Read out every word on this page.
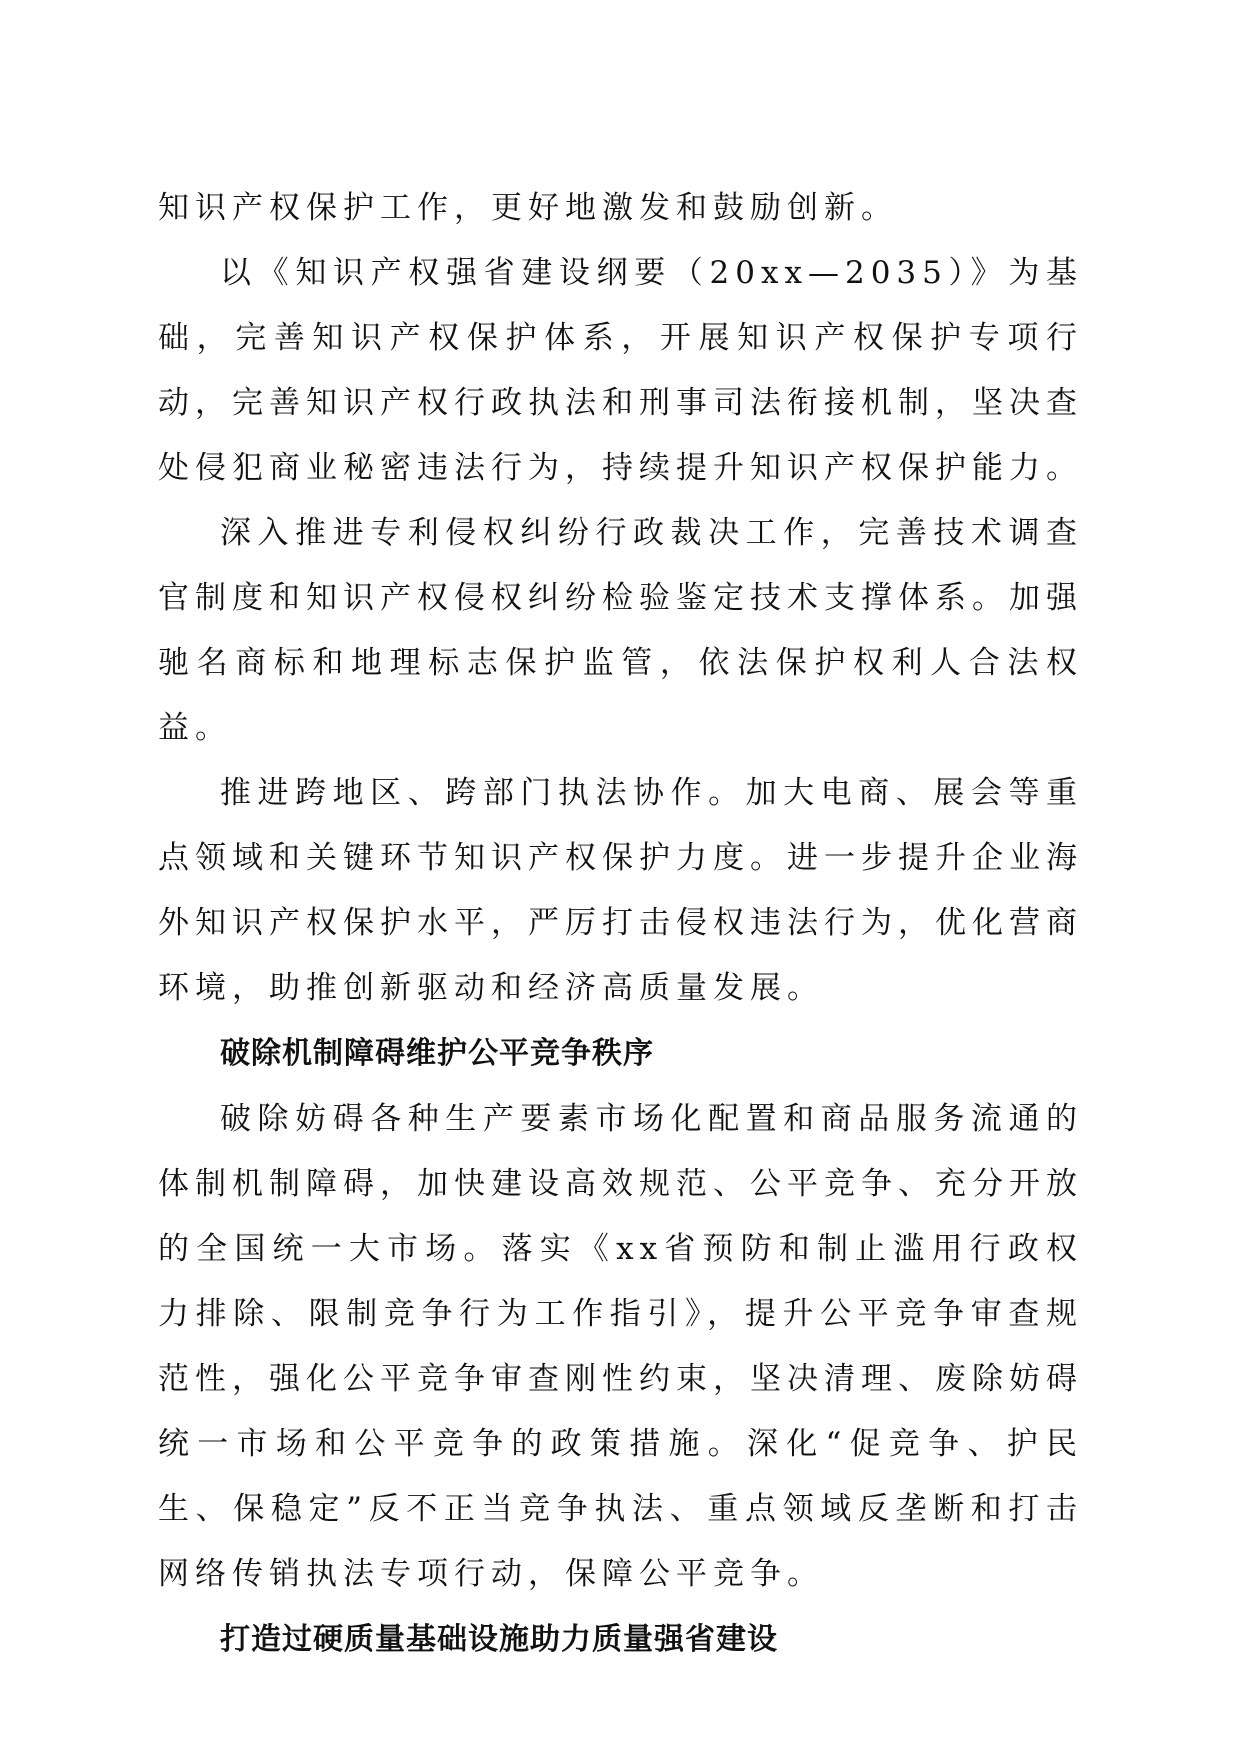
知识产权保护工作，更好地激发和鼓励创新。

以《知识产权强省建设纲要（20xx—2035）》为基础，完善知识产权保护体系，开展知识产权保护专项行动，完善知识产权行政执法和刑事司法衔接机制，坚决查处侵犯商业秘密违法行为，持续提升知识产权保护能力。

深入推进专利侵权纠纷行政裁决工作，完善技术调查官制度和知识产权侵权纠纷检验鉴定技术支撑体系。加强驰名商标和地理标志保护监管，依法保护权利人合法权益。

推进跨地区、跨部门执法协作。加大电商、展会等重点领域和关键环节知识产权保护力度。进一步提升企业海外知识产权保护水平，严厉打击侵权违法行为，优化营商环境，助推创新驱动和经济高质量发展。

破除机制障碍维护公平竞争秩序

破除妨碍各种生产要素市场化配置和商品服务流通的体制机制障碍，加快建设高效规范、公平竞争、充分开放的全国统一大市场。落实《xx省预防和制止滥用行政权力排除、限制竞争行为工作指引》，提升公平竞争审查规范性，强化公平竞争审查刚性约束，坚决清理、废除妨碍统一市场和公平竞争的政策措施。深化“促竞争、护民生、保稳定”反不正当竞争执法、重点领域反垄断和打击网络传销执法专项行动，保障公平竞争。

打造过硬质量基础设施助力质量强省建设
